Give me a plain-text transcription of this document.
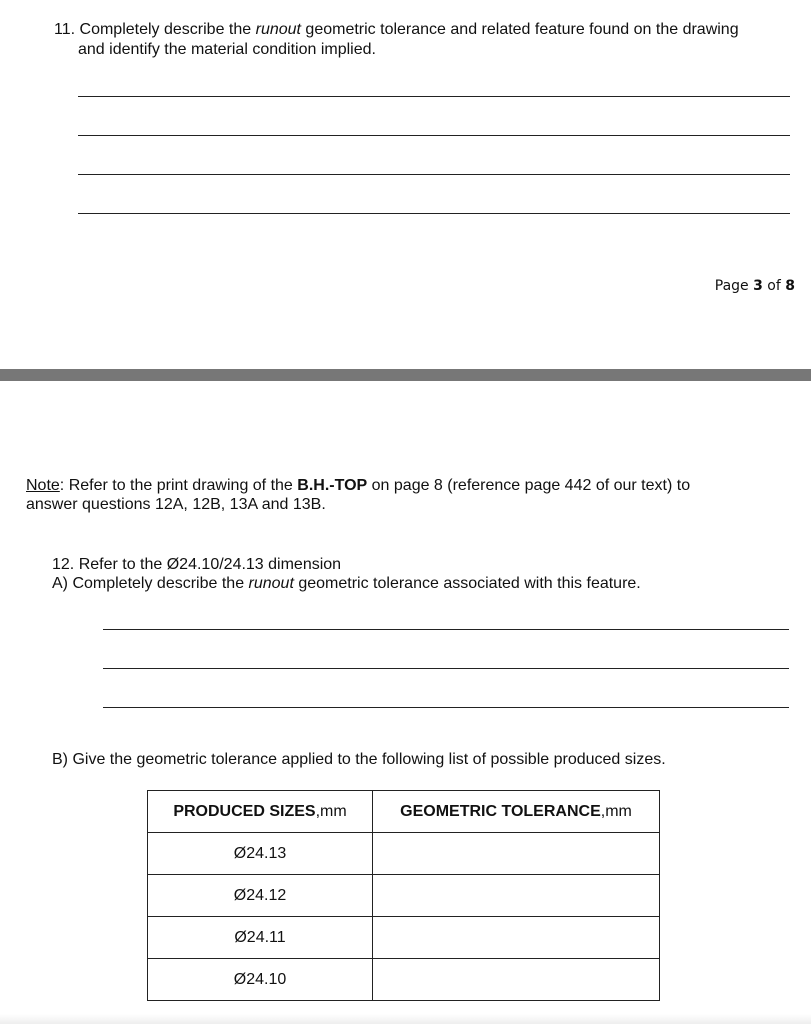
11. Completely describe the runout geometric tolerance and related feature found on the drawing
and identify the material condition implied.
Page 3 of 8
Note: Refer to the print drawing of the B.H.-TOP on page 8 (reference page 442 of our text) to
answer questions 12A, 12B, 13A and 13B.
12. Refer to the Ø24.10/24.13 dimension
A) Completely describe the runout geometric tolerance associated with this feature.
B) Give the geometric tolerance applied to the following list of possible produced sizes.
PRODUCED SIZES,mm	GEOMETRIC TOLERANCE,mm
Ø24.13	
Ø24.12	
Ø24.11	
Ø24.10	
